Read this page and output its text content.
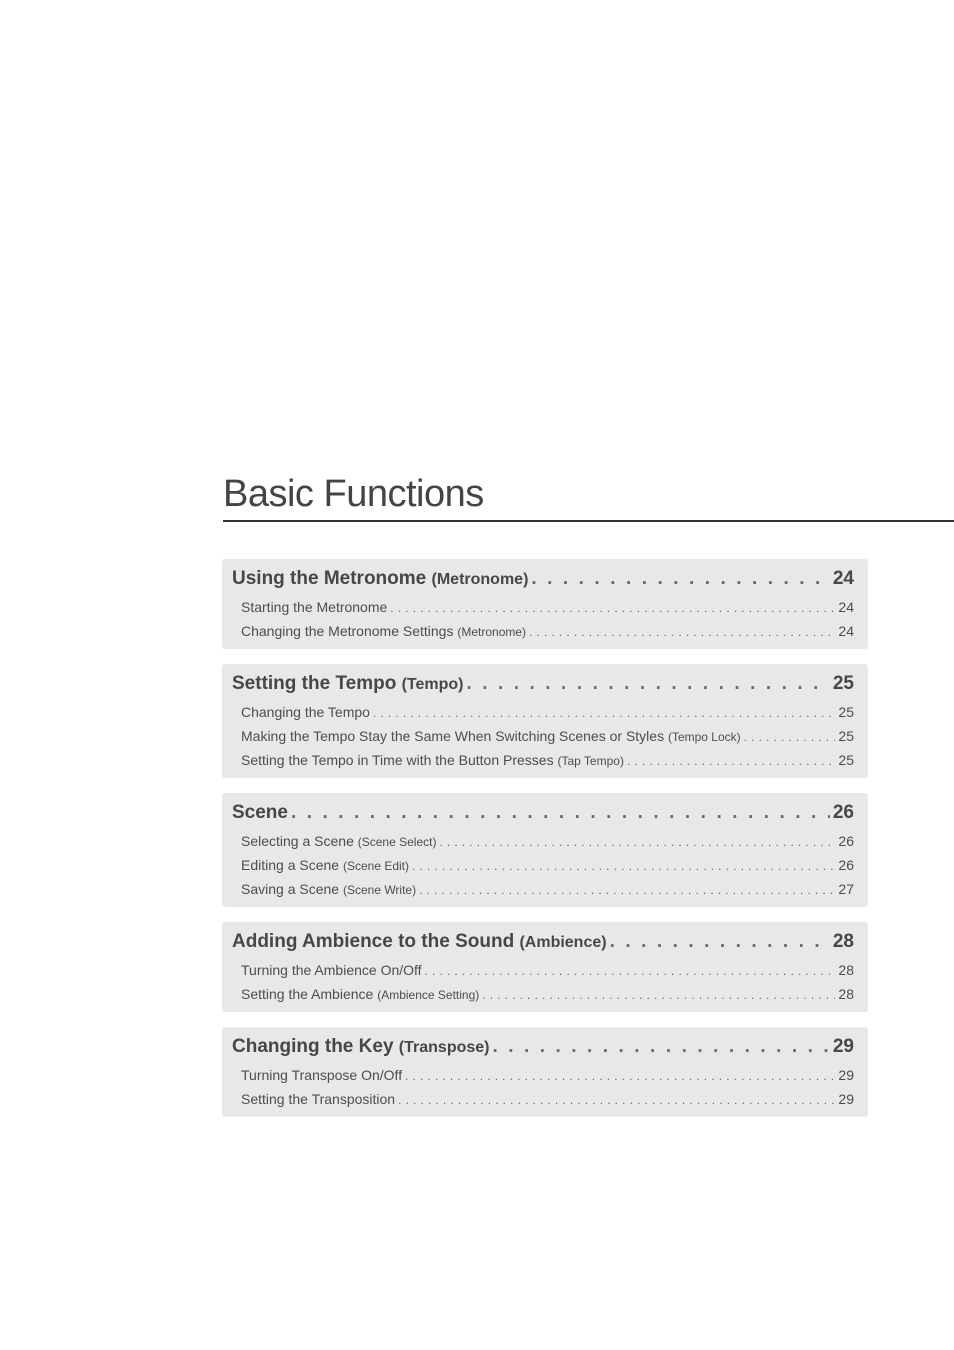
Basic Functions
Using the Metronome (Metronome) . . .	24
Starting the Metronome . . .	24
Changing the Metronome Settings (Metronome) . . .	24
Setting the Tempo (Tempo) . . .	25
Changing the Tempo . . .	25
Making the Tempo Stay the Same When Switching Scenes or Styles (Tempo Lock) . . .	25
Setting the Tempo in Time with the Button Presses (Tap Tempo) . . .	25
Scene . . .	26
Selecting a Scene (Scene Select) . . .	26
Editing a Scene (Scene Edit) . . .	26
Saving a Scene (Scene Write) . . .	27
Adding Ambience to the Sound (Ambience) . . .	28
Turning the Ambience On/Off . . .	28
Setting the Ambience (Ambience Setting) . . .	28
Changing the Key (Transpose) . . .	29
Turning Transpose On/Off . . .	29
Setting the Transposition . . .	29
